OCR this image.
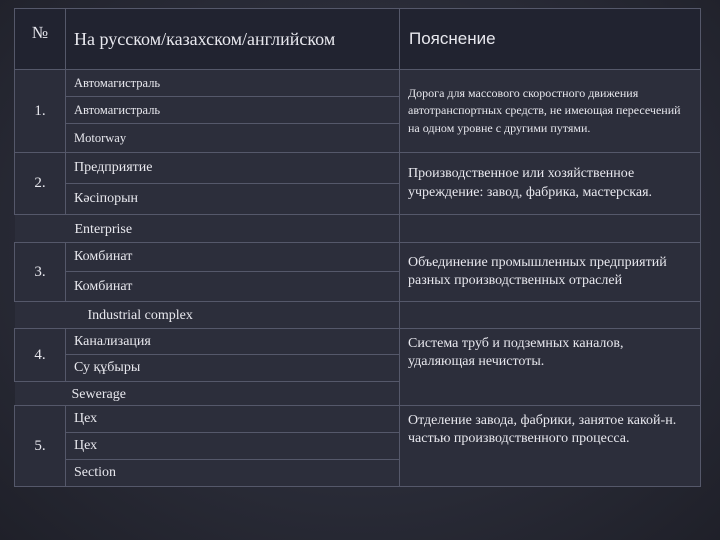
№	На русском/казахском/английском	Пояснение
1.	Автомагистраль	Дорога для массового скоростного движения автотранспортных средств, не имеющая пересечений на одном уровне с другими путями.
	Автомагистраль	
	Motorway	
2.	Предприятие	Производственное или хозяйственное учреждение: завод, фабрика, мастерская.
	Кәсіпорын	
Enterprise		
3.	Комбинат	Объединение промышленных предприятий разных производственных отраслей
	Комбинат	
Industrial complex		
4.	Канализация	Система труб и подземных каналов, удаляющая нечистоты.
	Су құбыры	
Sewerage		
5.	Цех	Отделение завода, фабрики, занятое какой-н. частью производственного процесса.
	Цех	
	Section	
